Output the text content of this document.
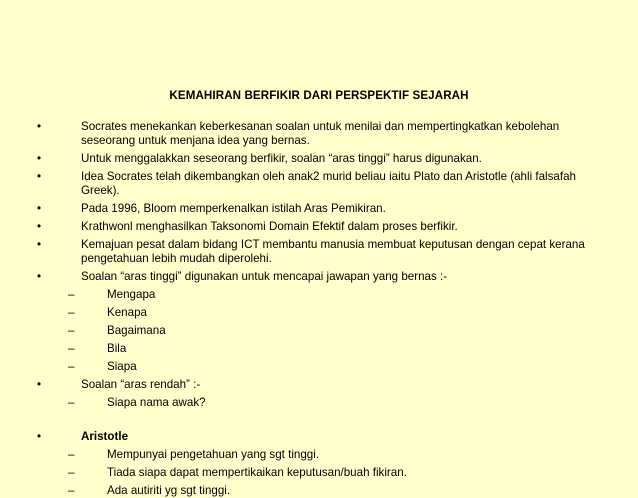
KEMAHIRAN BERFIKIR DARI PERSPEKTIF SEJARAH
•	Socrates menekankan keberkesanan soalan untuk menilai dan mempertingkatkan kebolehan seseorang untuk menjana idea yang bernas.
•	Untuk menggalakkan seseorang berfikir, soalan “aras tinggi” harus digunakan.
•	Idea Socrates telah dikembangkan oleh anak2 murid beliau iaitu Plato dan Aristotle (ahli falsafah Greek).
•	Pada 1996, Bloom memperkenalkan istilah Aras Pemikiran.
•	Krathwonl menghasilkan Taksonomi Domain Efektif dalam proses berfikir.
•	Kemajuan pesat dalam bidang ICT membantu manusia membuat keputusan dengan cepat kerana pengetahuan lebih mudah diperolehi.
•	Soalan “aras tinggi” digunakan untuk mencapai jawapan yang bernas :-
–	Mengapa
–	Kenapa
–	Bagaimana
–	Bila
–	Siapa
•	Soalan “aras rendah” :-
–	Siapa nama awak?
•	Aristotle
–	Mempunyai pengetahuan yang sgt tinggi.
–	Tiada siapa dapat mempertikaikan keputusan/buah fikiran.
–	Ada autiriti yg sgt tinggi.
